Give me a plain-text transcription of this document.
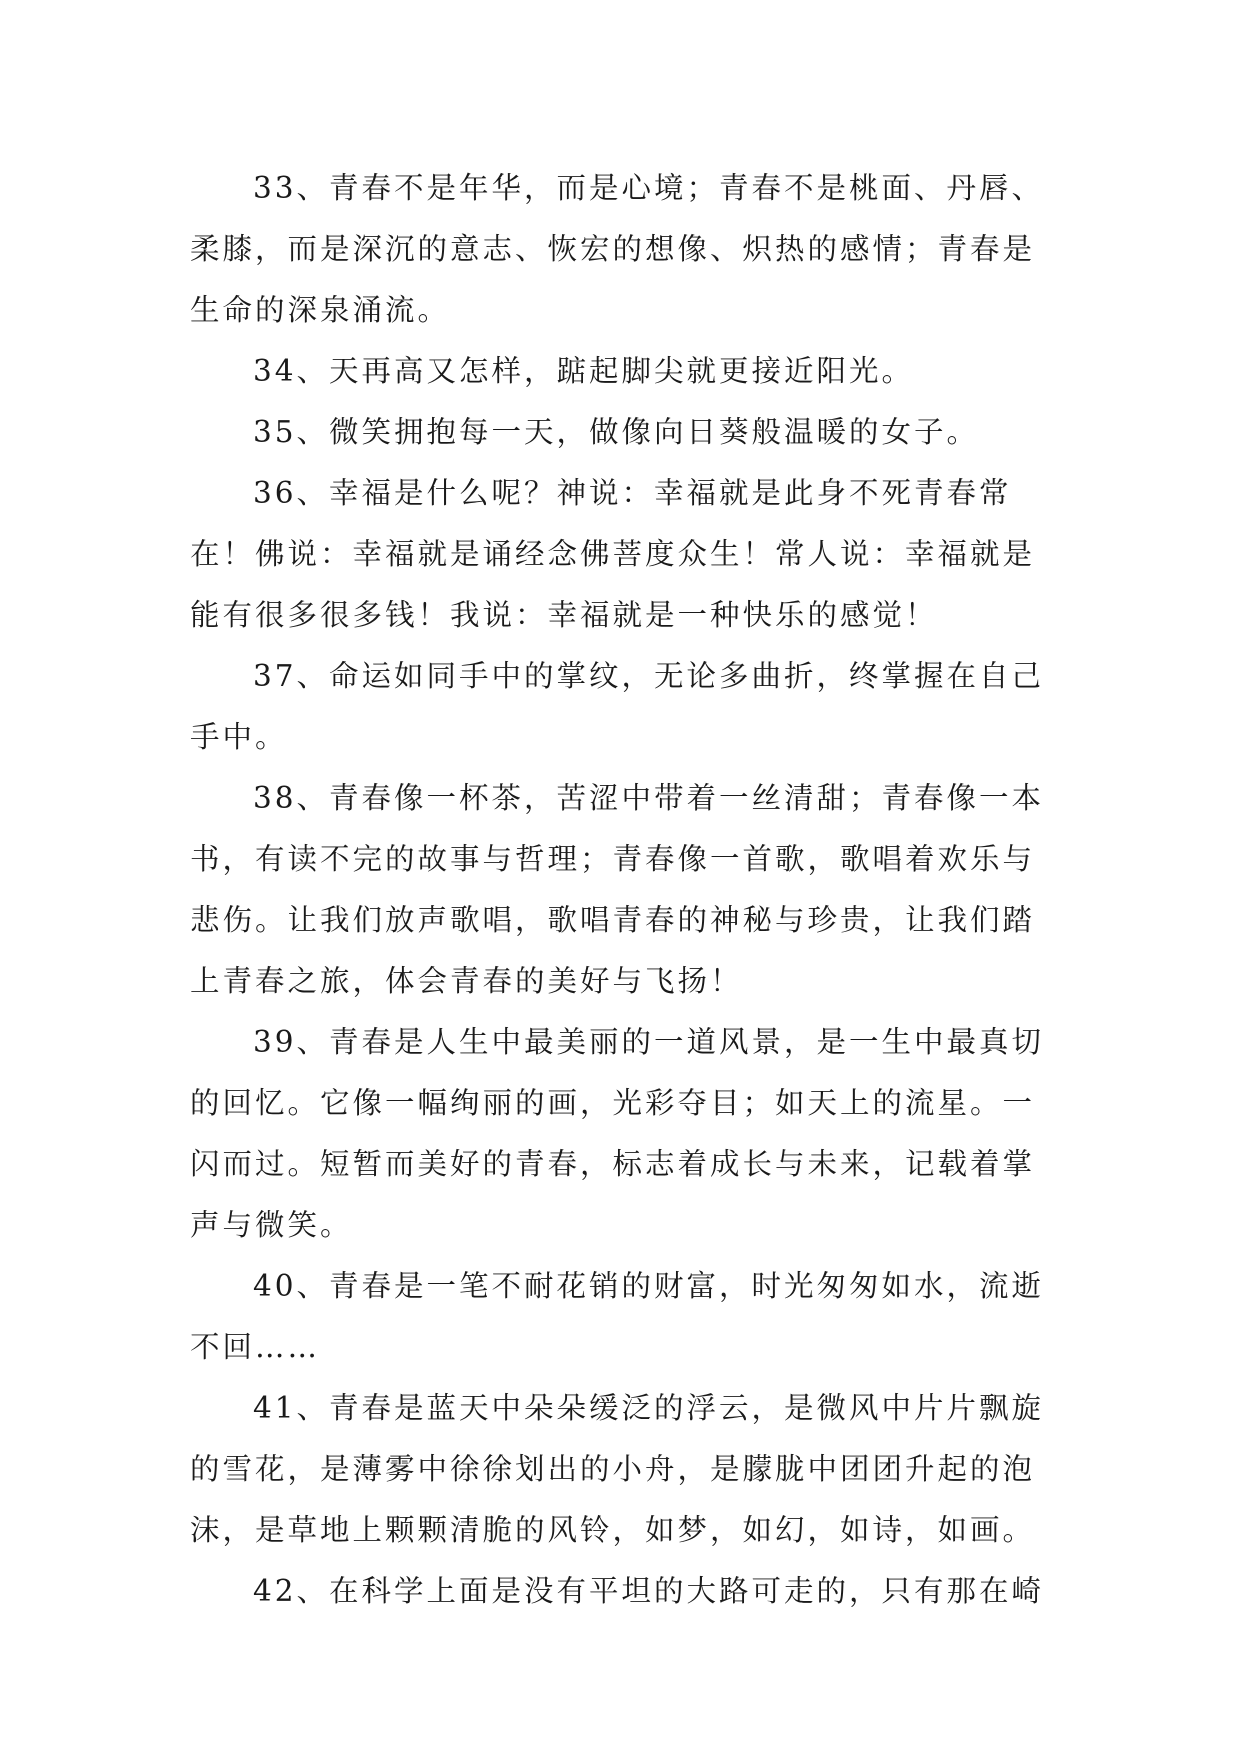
33、青春不是年华，而是心境；青春不是桃面、丹唇、柔膝，而是深沉的意志、恢宏的想像、炽热的感情；青春是生命的深泉涌流。

34、天再高又怎样，踮起脚尖就更接近阳光。

35、微笑拥抱每一天，做像向日葵般温暖的女子。

36、幸福是什么呢？神说：幸福就是此身不死青春常在！佛说：幸福就是诵经念佛菩度众生！常人说：幸福就是能有很多很多钱！我说：幸福就是一种快乐的感觉！

37、命运如同手中的掌纹，无论多曲折，终掌握在自己手中。

38、青春像一杯茶，苦涩中带着一丝清甜；青春像一本书，有读不完的故事与哲理；青春像一首歌，歌唱着欢乐与悲伤。让我们放声歌唱，歌唱青春的神秘与珍贵，让我们踏上青春之旅，体会青春的美好与飞扬！

39、青春是人生中最美丽的一道风景，是一生中最真切的回忆。它像一幅绚丽的画，光彩夺目；如天上的流星。一闪而过。短暂而美好的青春，标志着成长与未来，记载着掌声与微笑。

40、青春是一笔不耐花销的财富，时光匆匆如水，流逝不回……

41、青春是蓝天中朵朵缓泛的浮云，是微风中片片飘旋的雪花，是薄雾中徐徐划出的小舟，是朦胧中团团升起的泡沫，是草地上颗颗清脆的风铃，如梦，如幻，如诗，如画。

42、在科学上面是没有平坦的大路可走的，只有那在崎
